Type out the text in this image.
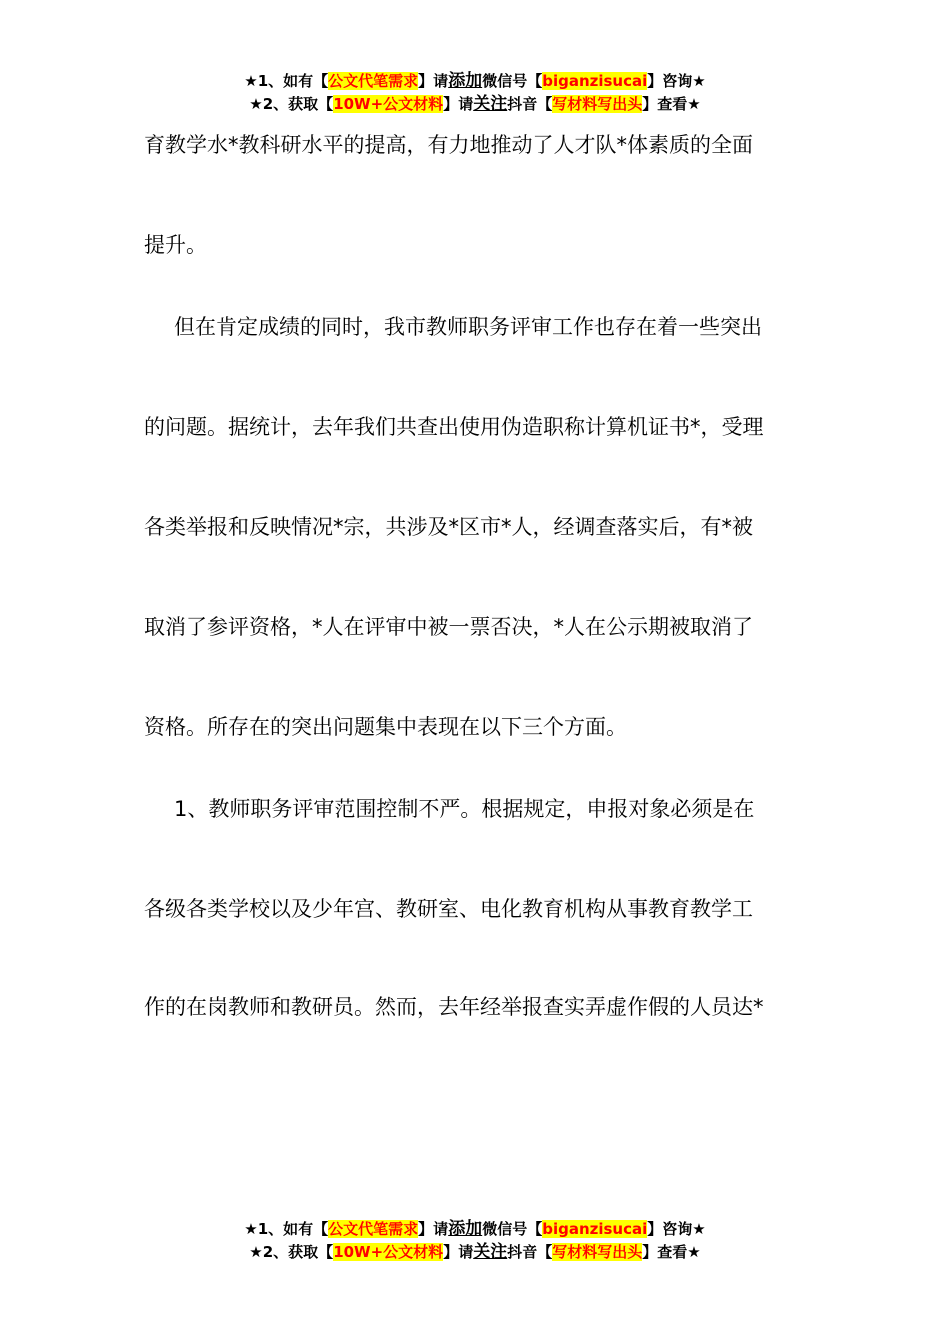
★1、如有【公文代笔需求】请添加微信号【biganzisucai】咨询★
★2、获取【10W+公文材料】请关注抖音【写材料写出头】查看★
育教学水*教科研水平的提高，有力地推动了人才队*体素质的全面
提升。
但在肯定成绩的同时，我市教师职务评审工作也存在着一些突出
的问题。据统计，去年我们共查出使用伪造职称计算机证书*，受理
各类举报和反映情况*宗，共涉及*区市*人，经调查落实后，有*被
取消了参评资格，*人在评审中被一票否决，*人在公示期被取消了
资格。所存在的突出问题集中表现在以下三个方面。
1、教师职务评审范围控制不严。根据规定，申报对象必须是在
各级各类学校以及少年宫、教研室、电化教育机构从事教育教学工
作的在岗教师和教研员。然而，去年经举报查实弄虚作假的人员达*
★1、如有【公文代笔需求】请添加微信号【biganzisucai】咨询★
★2、获取【10W+公文材料】请关注抖音【写材料写出头】查看★
